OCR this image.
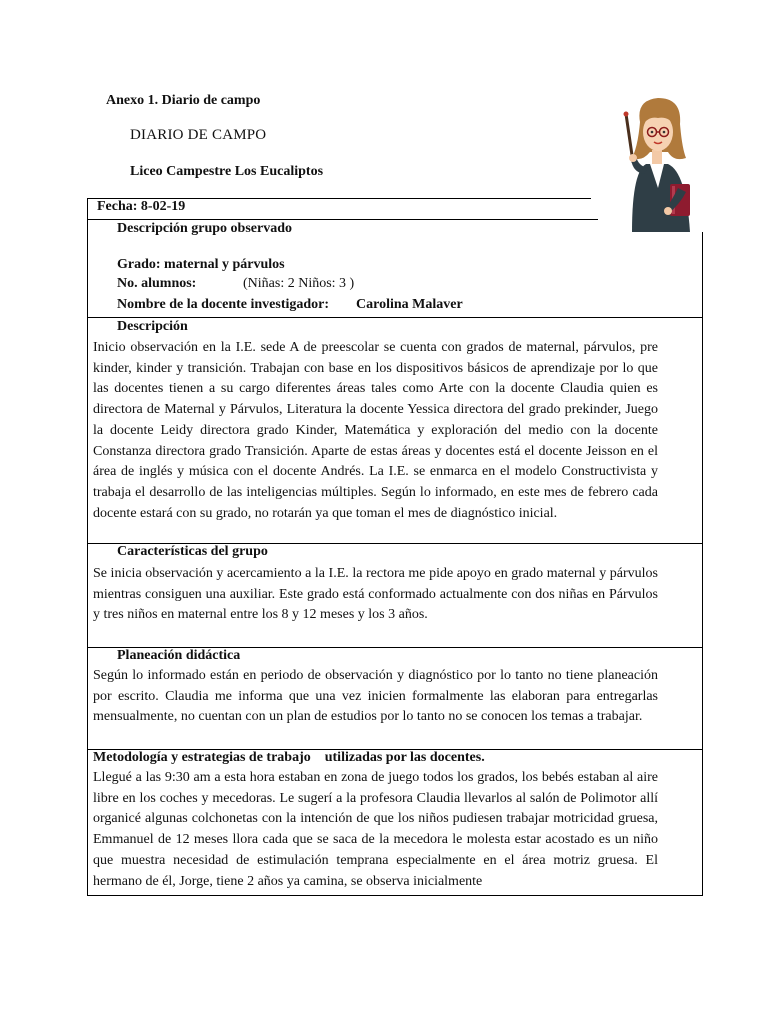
Anexo 1. Diario de campo
DIARIO DE CAMPO
Liceo Campestre Los Eucaliptos
Fecha: 8-02-19
Descripción grupo observado
Grado: maternal y párvulos
No. alumnos:	(Niñas: 2 Niños: 3 )
Nombre de la docente investigador: Carolina Malaver
Descripción
Inicio observación en la I.E. sede A de preescolar se cuenta con grados de maternal, párvulos, pre kinder, kinder y transición. Trabajan con base en los dispositivos básicos de aprendizaje por lo que las docentes tienen a su cargo diferentes áreas tales como Arte con la docente Claudia quien es directora de Maternal y Párvulos, Literatura la docente Yessica directora del grado prekinder, Juego la docente Leidy directora grado Kinder, Matemática y exploración del medio con la docente Constanza directora grado Transición. Aparte de estas áreas y docentes está el docente Jeisson en el área de inglés y música con el docente Andrés. La I.E. se enmarca en el modelo Constructivista y trabaja el desarrollo de las inteligencias múltiples. Según lo informado, en este mes de febrero cada docente estará con su grado, no rotarán ya que toman el mes de diagnóstico inicial.
Características del grupo
Se inicia observación y acercamiento a la I.E. la rectora me pide apoyo en grado maternal y párvulos mientras consiguen una auxiliar. Este grado está conformado actualmente con dos niñas en Párvulos y tres niños en maternal entre los 8 y 12 meses y los 3 años.
Planeación didáctica
Según lo informado están en periodo de observación y diagnóstico por lo tanto no tiene planeación por escrito. Claudia me informa que una vez inicien formalmente las elaboran para entregarlas mensualmente, no cuentan con un plan de estudios por lo tanto no se conocen los temas a trabajar.
Metodología y estrategias de trabajo    utilizadas por las docentes.
Llegué a las 9:30 am a esta hora estaban en zona de juego todos los grados, los bebés estaban al aire libre en los coches y mecedoras. Le sugerí a la profesora Claudia llevarlos al salón de Polimotor allí organicé algunas colchonetas con la intención de que los niños pudiesen trabajar motricidad gruesa, Emmanuel de 12 meses llora cada que se saca de la mecedora le molesta estar acostado es un niño que muestra necesidad de estimulación temprana especialmente en el área motriz gruesa. El hermano de él, Jorge, tiene 2 años ya camina, se observa inicialmente
